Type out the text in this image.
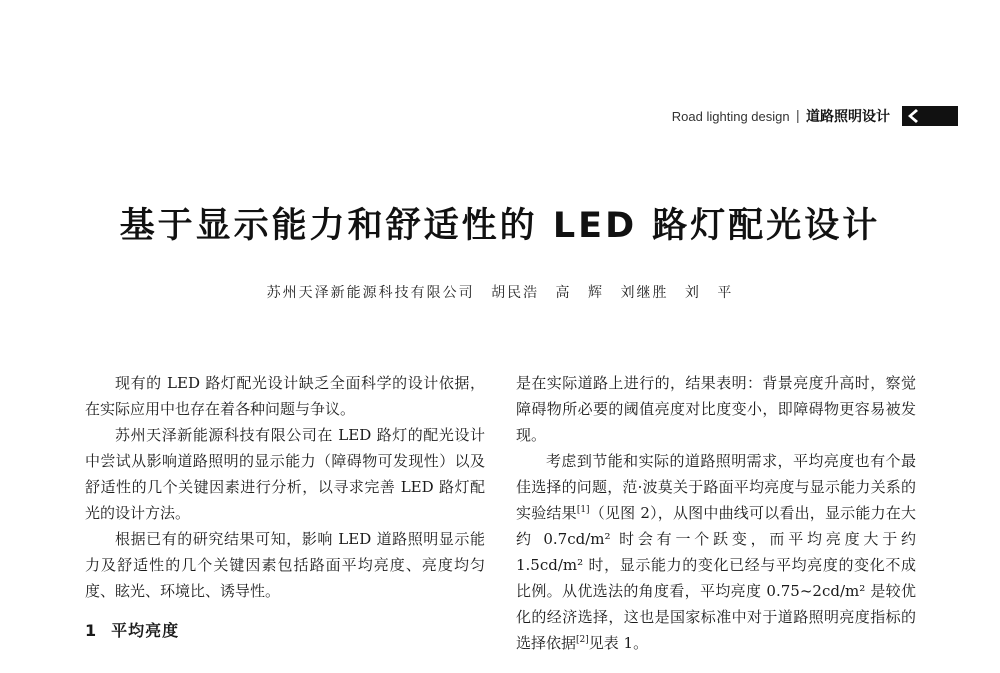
Road lighting design | 道路照明设计
基于显示能力和舒适性的 LED 路灯配光设计
苏州天泽新能源科技有限公司 胡民浩 高 辉 刘继胜 刘 平

现有的 LED 路灯配光设计缺乏全面科学的设计依据，在实际应用中也存在着各种问题与争议。

苏州天泽新能源科技有限公司在 LED 路灯的配光设计中尝试从影响道路照明的显示能力（障碍物可发现性）以及舒适性的几个关键因素进行分析，以寻求完善 LED 路灯配光的设计方法。

根据已有的研究结果可知，影响 LED 道路照明显示能力及舒适性的几个关键因素包括路面平均亮度、亮度均匀度、眩光、环境比、诱导性。

1 平均亮度

是在实际道路上进行的，结果表明：背景亮度升高时，察觉障碍物所必要的阈值亮度对比度变小，即障碍物更容易被发现。

考虑到节能和实际的道路照明需求，平均亮度也有个最佳选择的问题，范·波莫关于路面平均亮度与显示能力关系的实验结果[1]（见图 2），从图中曲线可以看出，显示能力在大约 0.7cd/m² 时会有一个跃变，而平均亮度大于约 1.5cd/m² 时，显示能力的变化已经与平均亮度的变化不成比例。从优选法的角度看，平均亮度 0.75~2cd/m² 是较优化的经济选择，这也是国家标准中对于道路照明亮度指标的选择依据[2]见表 1。
